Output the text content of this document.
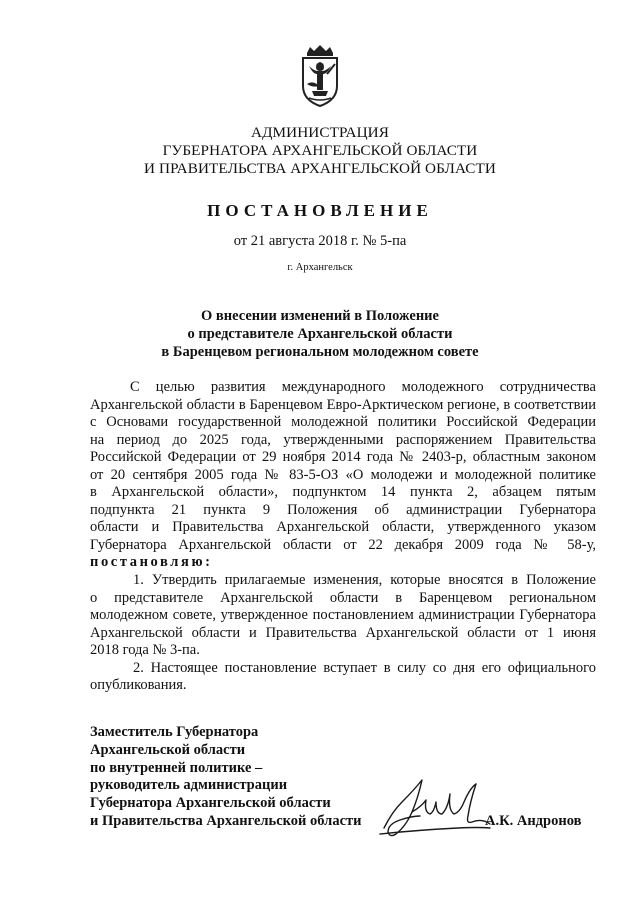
АДМИНИСТРАЦИЯ
ГУБЕРНАТОРА АРХАНГЕЛЬСКОЙ ОБЛАСТИ
И ПРАВИТЕЛЬСТВА АРХАНГЕЛЬСКОЙ ОБЛАСТИ
ПОСТАНОВЛЕНИЕ
от 21 августа 2018 г. № 5-па
г. Архангельск
О внесении изменений в Положение
о представителе Архангельской области
в Баренцевом региональном молодежном совете
С целью развития международного молодежного сотрудничества
Архангельской области в Баренцевом Евро-Арктическом регионе, в соответствии
с Основами государственной молодежной политики Российской Федерации
на период до 2025 года, утвержденными распоряжением Правительства
Российской Федерации от 29 ноября 2014 года № 2403-р, областным законом
от 20 сентября 2005 года № 83-5-ОЗ «О молодежи и молодежной политике
в Архангельской области», подпунктом 14 пункта 2, абзацем пятым
подпункта 21 пункта 9 Положения об администрации Губернатора
области и Правительства Архангельской области, утвержденного указом
Губернатора Архангельской области от 22 декабря 2009 года № 58-у,
постановляю:
1. Утвердить прилагаемые изменения, которые вносятся в Положение
о представителе Архангельской области в Баренцевом региональном
молодежном совете, утвержденное постановлением администрации Губернатора
Архангельской области и Правительства Архангельской области от 1 июня
2018 года № 3-па.
2. Настоящее постановление вступает в силу со дня его официального
опубликования.
Заместитель Губернатора
Архангельской области
по внутренней политике –
руководитель администрации
Губернатора Архангельской области
и Правительства Архангельской области	А.К. Андронов
